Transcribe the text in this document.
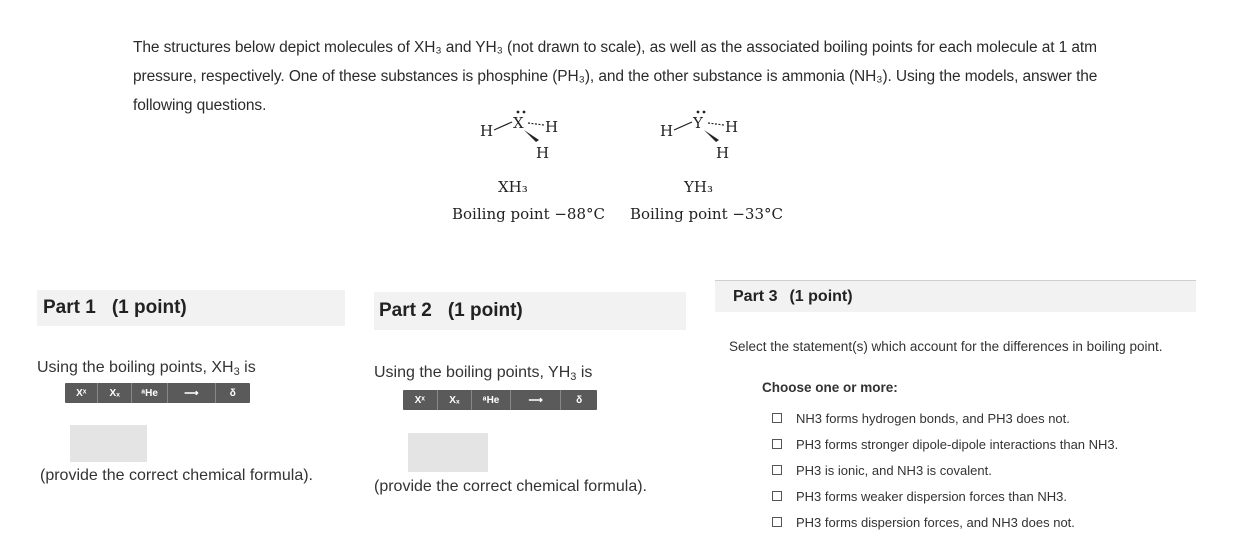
The structures below depict molecules of XH₃ and YH₃ (not drawn to scale), as well as the associated boiling points for each molecule at 1 atm
pressure, respectively. One of these substances is phosphine (PH₃), and the other substance is ammonia (NH₃). Using the models, answer the
following questions.
H X H
H
XH₃
Boiling point −88°C
H Y H
H
YH₃
Boiling point −33°C
Part 1 (1 point)
Using the boiling points, $XH_3$ is
Xˣ	Xₓ	ᵃHe	⟶	δ
(provide the correct chemical formula).
Part 2 (1 point)
Using the boiling points, $YH_3$ is
Xˣ	Xₓ	ᵃHe	⟶	δ
(provide the correct chemical formula).
Part 3 (1 point)
Select the statement(s) which account for the differences in boiling point.
Choose one or more:
NH3 forms hydrogen bonds, and PH3 does not.
PH3 forms stronger dipole-dipole interactions than NH3.
PH3 is ionic, and NH3 is covalent.
PH3 forms weaker dispersion forces than NH3.
PH3 forms dispersion forces, and NH3 does not.
